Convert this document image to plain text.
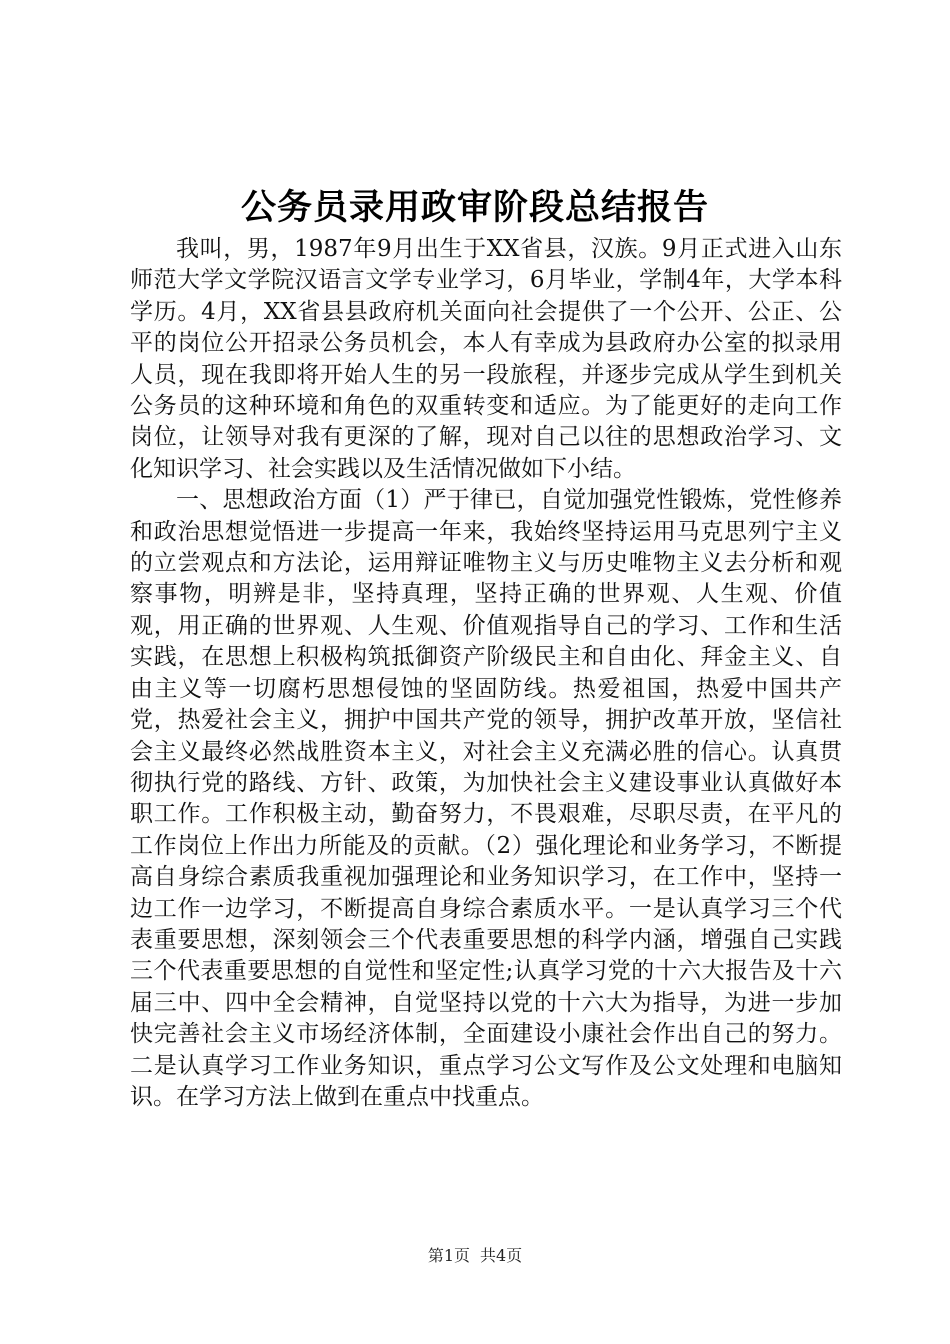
公务员录用政审阶段总结报告

我叫，男，1987年9月出生于XX省县，汉族。9月正式进入山东师范大学文学院汉语言文学专业学习，6月毕业，学制4年，大学本科学历。4月，XX省县县政府机关面向社会提供了一个公开、公正、公平的岗位公开招录公务员机会，本人有幸成为县政府办公室的拟录用人员，现在我即将开始人生的另一段旅程，并逐步完成从学生到机关公务员的这种环境和角色的双重转变和适应。为了能更好的走向工作岗位，让领导对我有更深的了解，现对自己以往的思想政治学习、文化知识学习、社会实践以及生活情况做如下小结。

一、思想政治方面（1）严于律已，自觉加强党性锻炼，党性修养和政治思想觉悟进一步提高一年来，我始终坚持运用马克思列宁主义的立尝观点和方法论，运用辩证唯物主义与历史唯物主义去分析和观察事物，明辨是非，坚持真理，坚持正确的世界观、人生观、价值观，用正确的世界观、人生观、价值观指导自己的学习、工作和生活实践，在思想上积极构筑抵御资产阶级民主和自由化、拜金主义、自由主义等一切腐朽思想侵蚀的坚固防线。热爱祖国，热爱中国共产党，热爱社会主义，拥护中国共产党的领导，拥护改革开放，坚信社会主义最终必然战胜资本主义，对社会主义充满必胜的信心。认真贯彻执行党的路线、方针、政策，为加快社会主义建设事业认真做好本职工作。工作积极主动，勤奋努力，不畏艰难，尽职尽责，在平凡的工作岗位上作出力所能及的贡献。（2）强化理论和业务学习，不断提高自身综合素质我重视加强理论和业务知识学习，在工作中，坚持一边工作一边学习，不断提高自身综合素质水平。一是认真学习三个代表重要思想，深刻领会三个代表重要思想的科学内涵，增强自己实践三个代表重要思想的自觉性和坚定性;认真学习党的十六大报告及十六届三中、四中全会精神，自觉坚持以党的十六大为指导，为进一步加快完善社会主义市场经济体制，全面建设小康社会作出自己的努力。二是认真学习工作业务知识，重点学习公文写作及公文处理和电脑知识。在学习方法上做到在重点中找重点。

第1页 共4页
